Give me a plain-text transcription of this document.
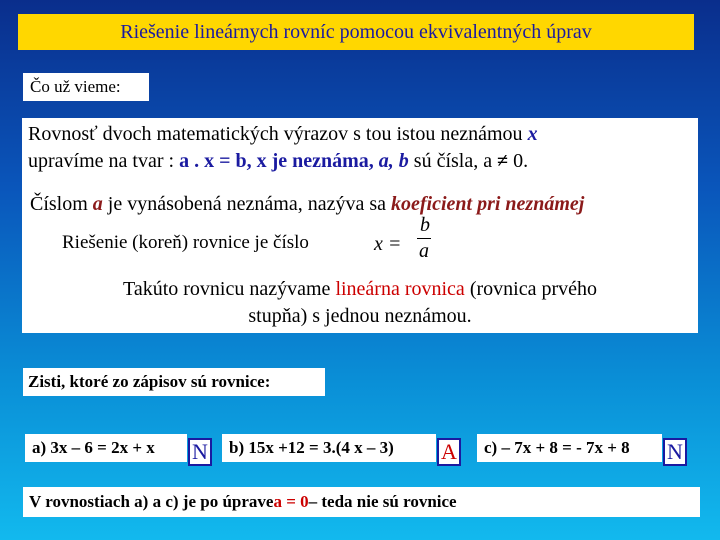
Riešenie lineárnych rovníc pomocou ekvivalentných úprav
Čo už vieme:
Rovnosť dvoch matematických výrazov s tou istou neznámou x
upravíme na tvar : a . x = b, x je neznáma, a, b sú čísla, a ≠ 0.
Číslom a je vynásobená neznáma, nazýva sa koeficient pri neznámej
Riešenie (koreň) rovnice je číslo	x =
b
a
Takúto rovnicu nazývame lineárna rovnica (rovnica prvého
stupňa) s jednou neznámou.
Zisti, ktoré zo zápisov sú rovnice:
a) 3x – 6 = 2x + x	N	b) 15x +12 = 3.(4 x – 3)	A	c) – 7x + 8 = - 7x + 8	N
V rovnostiach a) a c) je po úprave a = 0 – teda nie sú rovnice
